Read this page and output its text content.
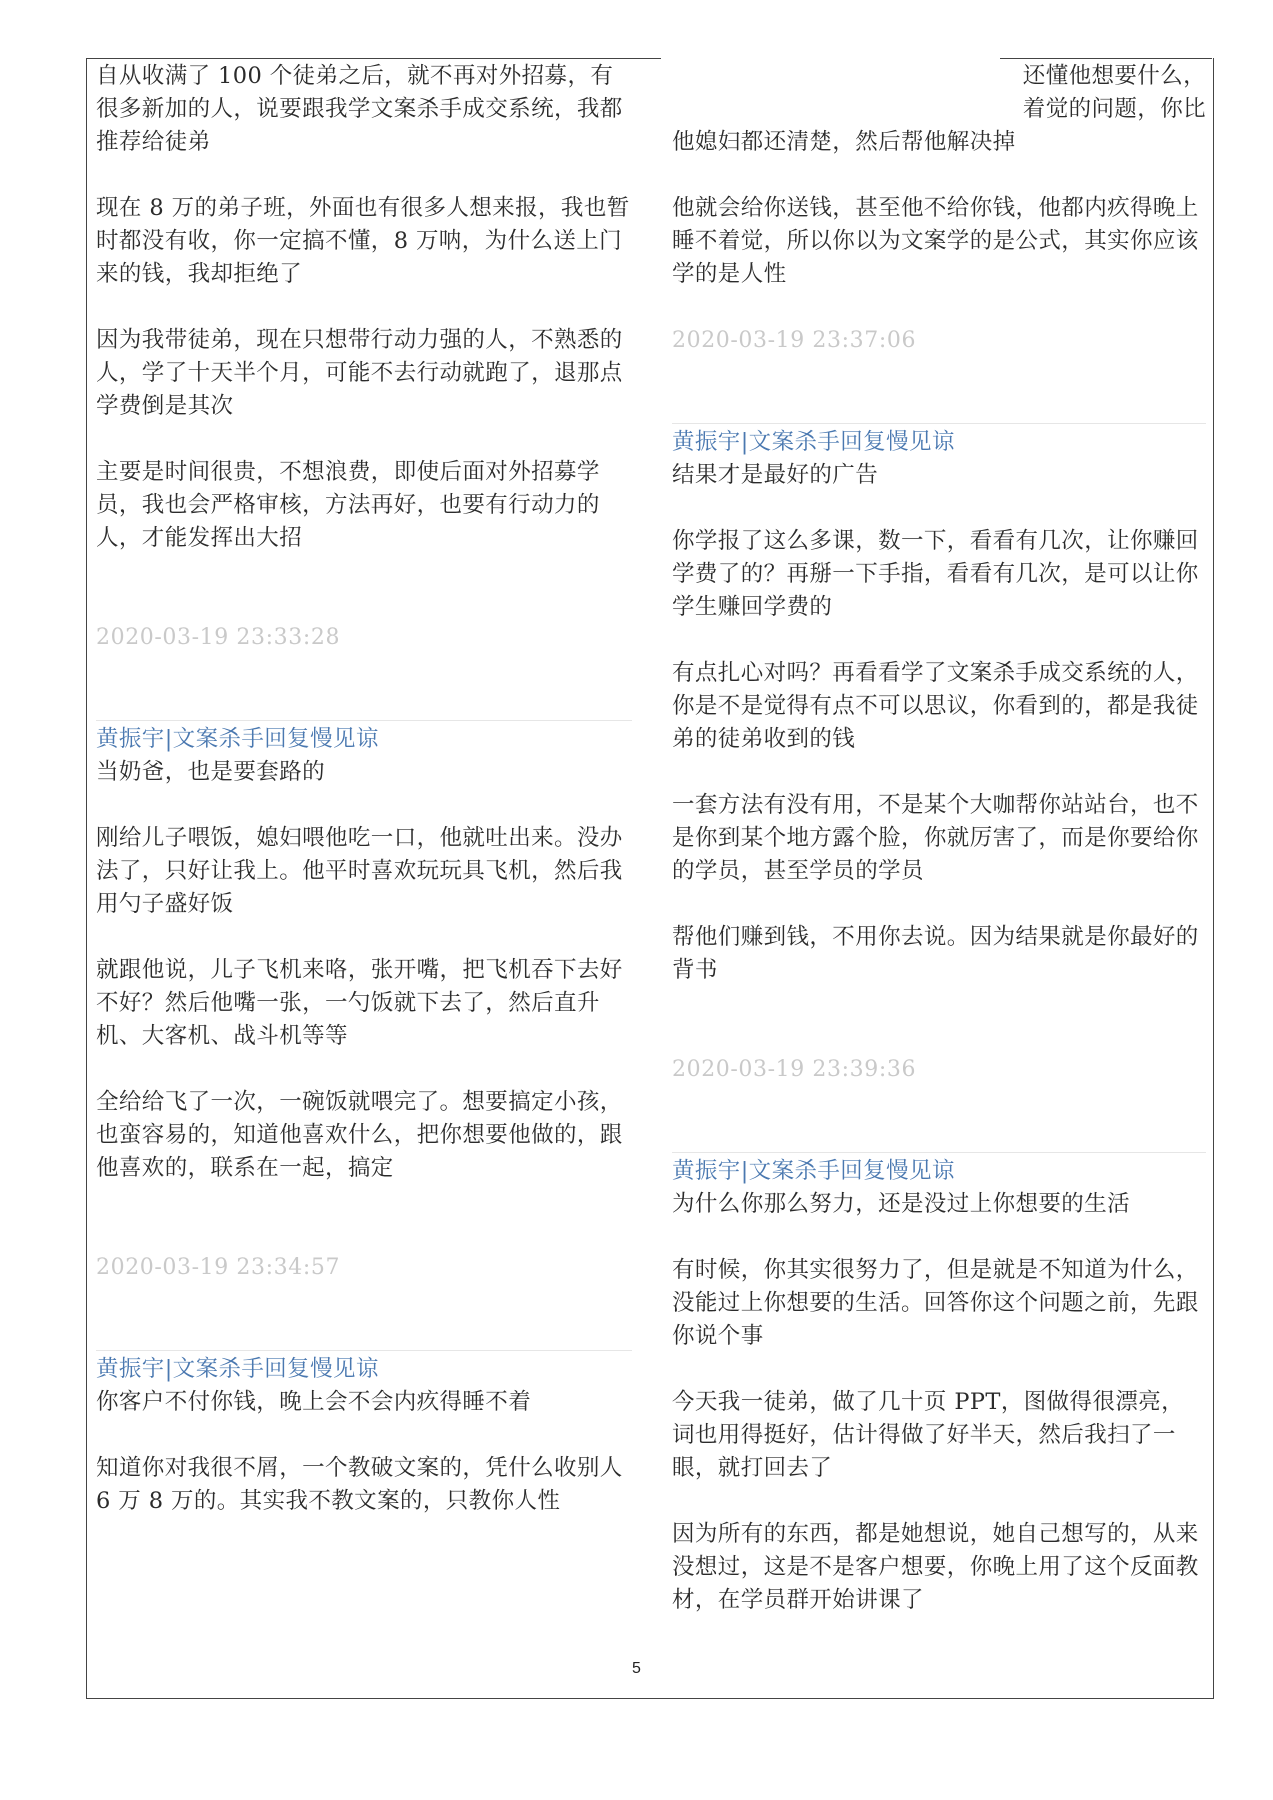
自从收满了 100 个徒弟之后，就不再对外招募，有很多新加的人，说要跟我学文案杀手成交系统，我都推荐给徒弟

现在 8 万的弟子班，外面也有很多人想来报，我也暂时都没有收，你一定搞不懂，8 万呐，为什么送上门来的钱，我却拒绝了

因为我带徒弟，现在只想带行动力强的人，不熟悉的人，学了十天半个月，可能不去行动就跑了，退那点学费倒是其次

主要是时间很贵，不想浪费，即使后面对外招募学员，我也会严格审核，方法再好，也要有行动力的人，才能发挥出大招

2020-03-19 23:33:28

黄振宇|文案杀手回复慢见谅

当奶爸，也是要套路的

刚给儿子喂饭，媳妇喂他吃一口，他就吐出来。没办法了，只好让我上。他平时喜欢玩玩具飞机，然后我用勺子盛好饭

就跟他说，儿子飞机来咯，张开嘴，把飞机吞下去好不好？然后他嘴一张，一勺饭就下去了，然后直升机、大客机、战斗机等等

全给给飞了一次，一碗饭就喂完了。想要搞定小孩，也蛮容易的，知道他喜欢什么，把你想要他做的，跟他喜欢的，联系在一起，搞定

2020-03-19 23:34:57

黄振宇|文案杀手回复慢见谅

你客户不付你钱，晚上会不会内疚得睡不着

知道你对我很不屑，一个教破文案的，凭什么收别人 6 万 8 万的。其实我不教文案的，只教你人性

还懂他想要什么，

着觉的问题，你比

他媳妇都还清楚，然后帮他解决掉

他就会给你送钱，甚至他不给你钱，他都内疚得晚上睡不着觉，所以你以为文案学的是公式，其实你应该学的是人性

2020-03-19 23:37:06

黄振宇|文案杀手回复慢见谅

结果才是最好的广告

你学报了这么多课，数一下，看看有几次，让你赚回学费了的？再掰一下手指，看看有几次，是可以让你学生赚回学费的

有点扎心对吗？再看看学了文案杀手成交系统的人，你是不是觉得有点不可以思议，你看到的，都是我徒弟的徒弟收到的钱

一套方法有没有用，不是某个大咖帮你站站台，也不是你到某个地方露个脸，你就厉害了，而是你要给你的学员，甚至学员的学员

帮他们赚到钱，不用你去说。因为结果就是你最好的背书

2020-03-19 23:39:36

黄振宇|文案杀手回复慢见谅

为什么你那么努力，还是没过上你想要的生活

有时候，你其实很努力了，但是就是不知道为什么，没能过上你想要的生活。回答你这个问题之前，先跟你说个事

今天我一徒弟，做了几十页 PPT，图做得很漂亮，词也用得挺好，估计得做了好半天，然后我扫了一眼，就打回去了

因为所有的东西，都是她想说，她自己想写的，从来没想过，这是不是客户想要，你晚上用了这个反面教材，在学员群开始讲课了

5
